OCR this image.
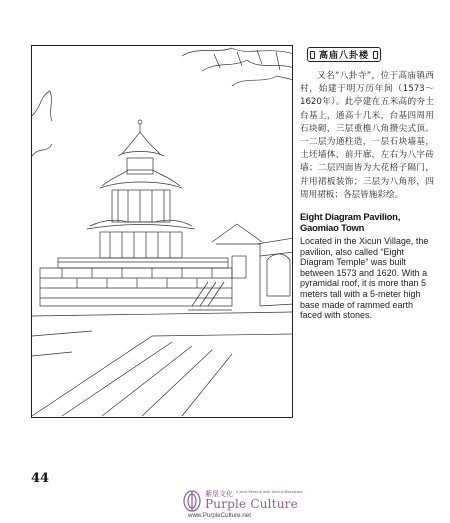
高庙八卦楼

又名“八卦寺”，位于高庙镇西村，始建于明万历年间（1573～1620年）。此亭建在五米高的夯土台基上，通高十几米，台基四周用石块砌，三层重檐八角攒尖式顶。一二层为通柱造，一层石块墙基，土坯墙体，前开廊，左右为八字砖墙；二层四面皆为大花格子隔门，并用裙板装饰；三层为八角形，四周用裙板；各层皆施彩绘。

Eight Diagram Pavilion, Gaomiao Town

Located in the Xicun Village, the pavilion, also called “Eight Diagram Temple” was built between 1573 and 1620. With a pyramidal roof, it is more than 5 meters tall with a 5-meter high base made of rammed earth faced with stones.

44
紫垦文化 A Joint Venture with Xinhua Bookstore
Purple Culture
www.PurpleCulture.net
